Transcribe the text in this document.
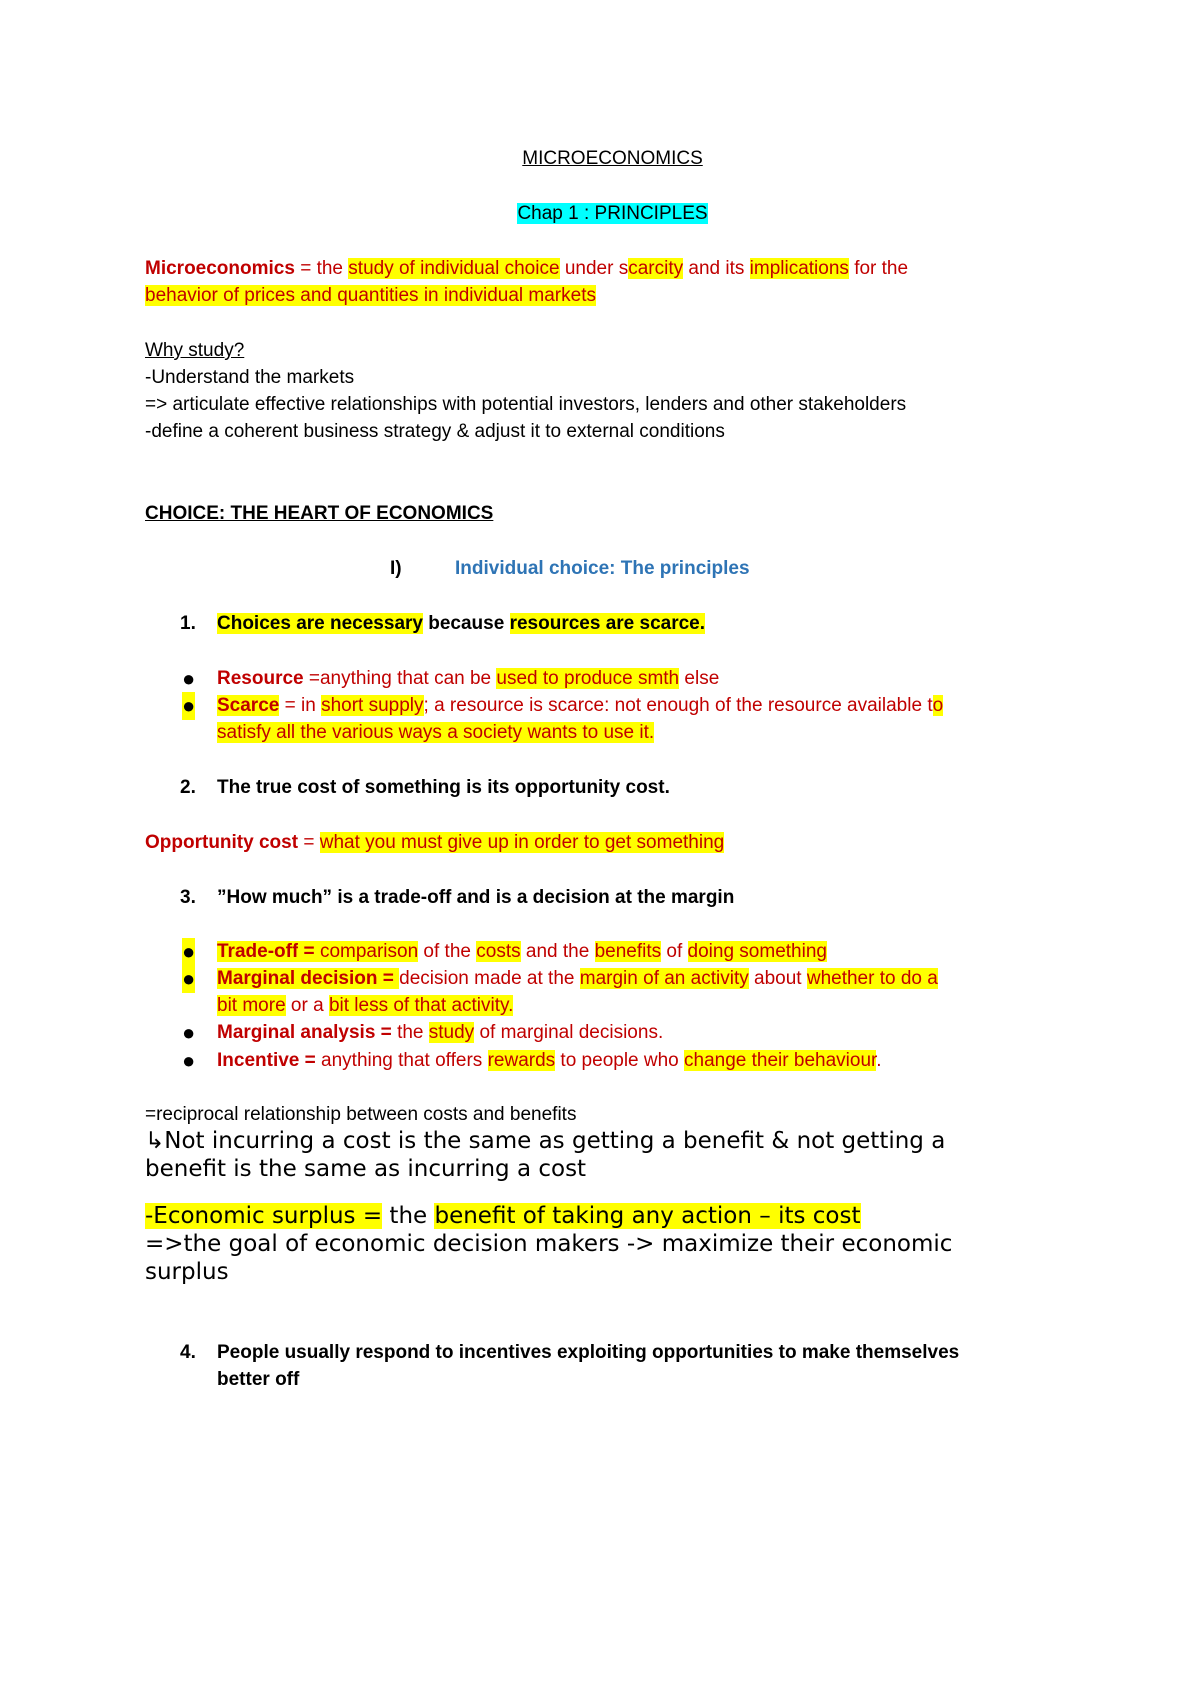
MICROECONOMICS
Chap 1 : PRINCIPLES
Microeconomics = the study of individual choice under scarcity and its implications for the
behavior of prices and quantities in individual markets
Why study?
-Understand the markets
=> articulate effective relationships with potential investors, lenders and other stakeholders
-define a coherent business strategy & adjust it to external conditions
CHOICE: THE HEART OF ECONOMICS
I)	Individual choice: The principles
1. Choices are necessary because resources are scarce.
● Resource =anything that can be used to produce smth else
● Scarce = in short supply; a resource is scarce: not enough of the resource available to
satisfy all the various ways a society wants to use it.
2. The true cost of something is its opportunity cost.
Opportunity cost = what you must give up in order to get something
3. ”How much” is a trade-off and is a decision at the margin
● Trade-off = comparison of the costs and the benefits of doing something
● Marginal decision = decision made at the margin of an activity about whether to do a
bit more or a bit less of that activity.
● Marginal analysis = the study of marginal decisions.
● Incentive = anything that offers rewards to people who change their behaviour.
=reciprocal relationship between costs and benefits
↳Not incurring a cost is the same as getting a benefit & not getting a
benefit is the same as incurring a cost
-Economic surplus = the benefit of taking any action – its cost
=>the goal of economic decision makers -> maximize their economic
surplus
4. People usually respond to incentives exploiting opportunities to make themselves
better off
